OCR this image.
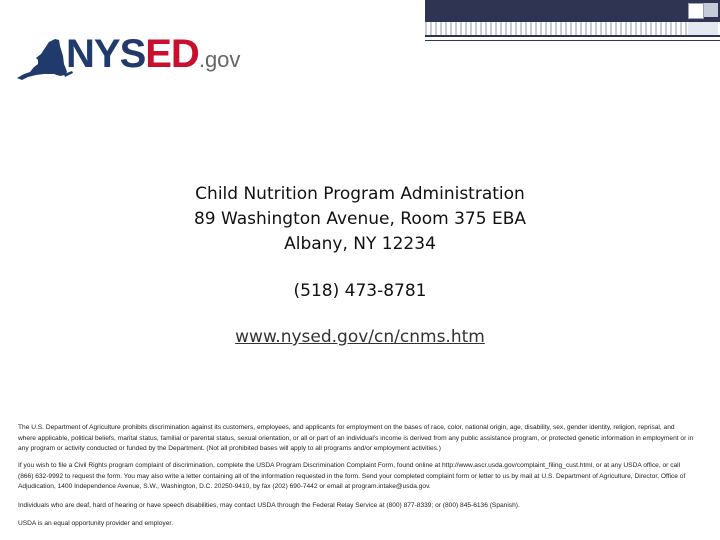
NYSED.gov
Child Nutrition Program Administration
89 Washington Avenue, Room 375 EBA
Albany, NY 12234
(518) 473-8781
www.nysed.gov/cn/cnms.htm

The U.S. Department of Agriculture prohibits discrimination against its customers, employees, and applicants for employment on the bases of race, color, national origin, age, disability, sex, gender identity, religion, reprisal, and where applicable, political beliefs, marital status, familial or parental status, sexual orientation, or all or part of an individual's income is derived from any public assistance program, or protected genetic information in employment or in any program or activity conducted or funded by the Department. (Not all prohibited bases will apply to all programs and/or employment activities.)

If you wish to file a Civil Rights program complaint of discrimination, complete the USDA Program Discrimination Complaint Form, found online at http://www.ascr.usda.gov/complaint_filing_cust.html, or at any USDA office, or call (866) 632-9992 to request the form. You may also write a letter containing all of the information requested in the form. Send your completed complaint form or letter to us by mail at U.S. Department of Agriculture, Director, Office of Adjudication, 1400 Independence Avenue, S.W., Washington, D.C. 20250-9410, by fax (202) 690-7442 or email at program.intake@usda.gov.

Individuals who are deaf, hard of hearing or have speech disabilities, may contact USDA through the Federal Relay Service at (800) 877-8339; or (800) 845-6136 (Spanish).

USDA is an equal opportunity provider and employer.
